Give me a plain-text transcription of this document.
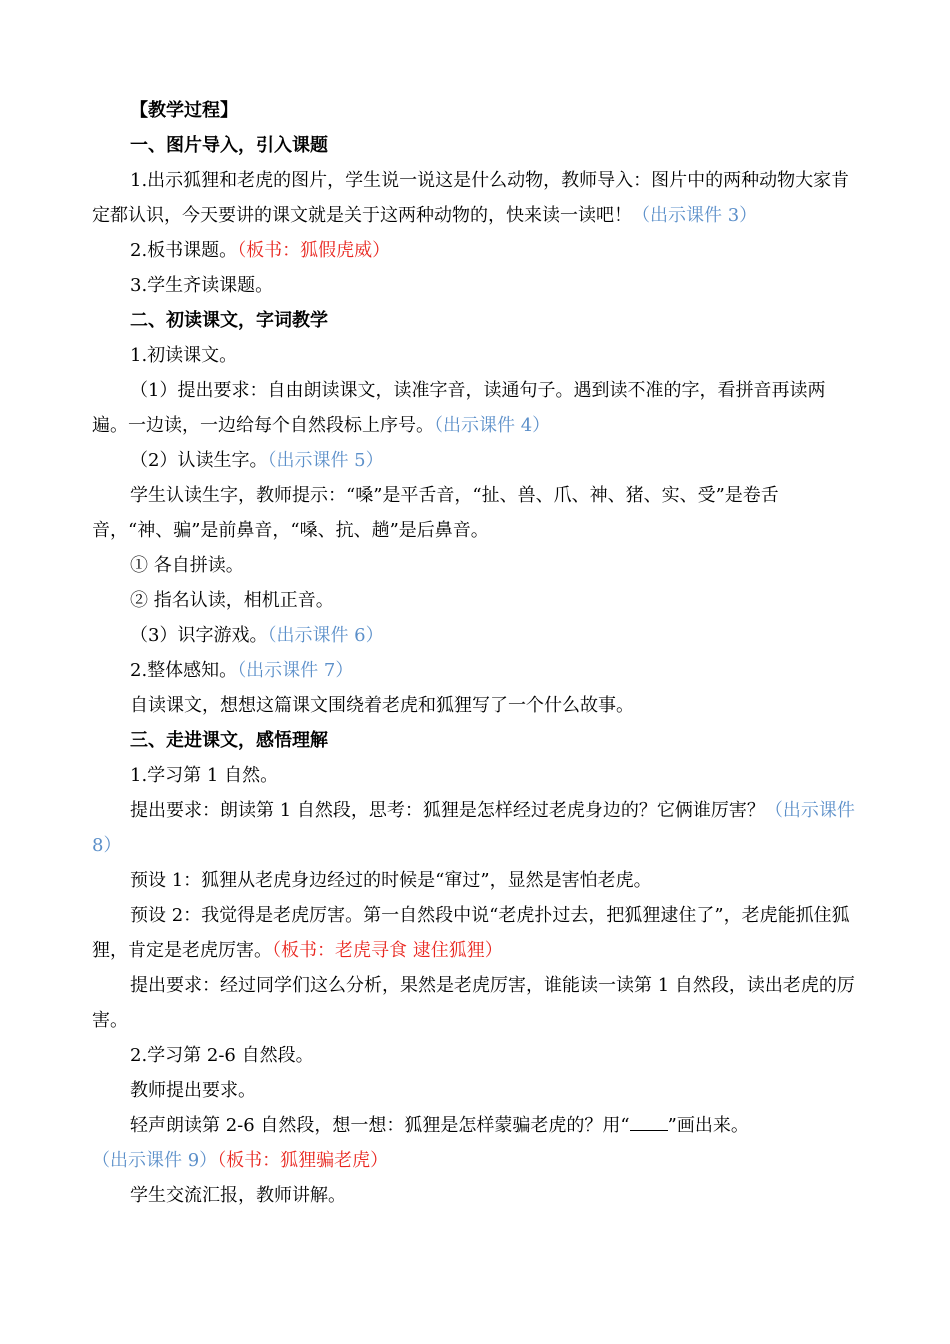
【教学过程】

一、图片导入，引入课题

1.出示狐狸和老虎的图片，学生说一说这是什么动物，教师导入：图片中的两种动物大家肯定都认识，今天要讲的课文就是关于这两种动物的，快来读一读吧！（出示课件 3）

2.板书课题。（板书：狐假虎威）

3.学生齐读课题。

二、初读课文，字词教学

1.初读课文。

（1）提出要求：自由朗读课文，读准字音，读通句子。遇到读不准的字，看拼音再读两遍。一边读，一边给每个自然段标上序号。（出示课件 4）

（2）认读生字。（出示课件 5）

学生认读生字，教师提示：“嗓”是平舌音，“扯、兽、爪、神、猪、实、受”是卷舌音，“神、骗”是前鼻音，“嗓、抗、趟”是后鼻音。

① 各自拼读。

② 指名认读，相机正音。

（3）识字游戏。（出示课件 6）

2.整体感知。（出示课件 7）

自读课文，想想这篇课文围绕着老虎和狐狸写了一个什么故事。

三、走进课文，感悟理解

1.学习第 1 自然。

提出要求：朗读第 1 自然段，思考：狐狸是怎样经过老虎身边的？它俩谁厉害？（出示课件 8）

预设 1：狐狸从老虎身边经过的时候是“窜过”，显然是害怕老虎。

预设 2：我觉得是老虎厉害。第一自然段中说“老虎扑过去，把狐狸逮住了”，老虎能抓住狐狸，肯定是老虎厉害。（板书：老虎寻食 逮住狐狸）

提出要求：经过同学们这么分析，果然是老虎厉害，谁能读一读第 1 自然段，读出老虎的厉害。

2.学习第 2-6 自然段。

教师提出要求。

轻声朗读第 2-6 自然段，想一想：狐狸是怎样蒙骗老虎的？用“ ”画出来。（出示课件 9）（板书：狐狸骗老虎）

学生交流汇报，教师讲解。
